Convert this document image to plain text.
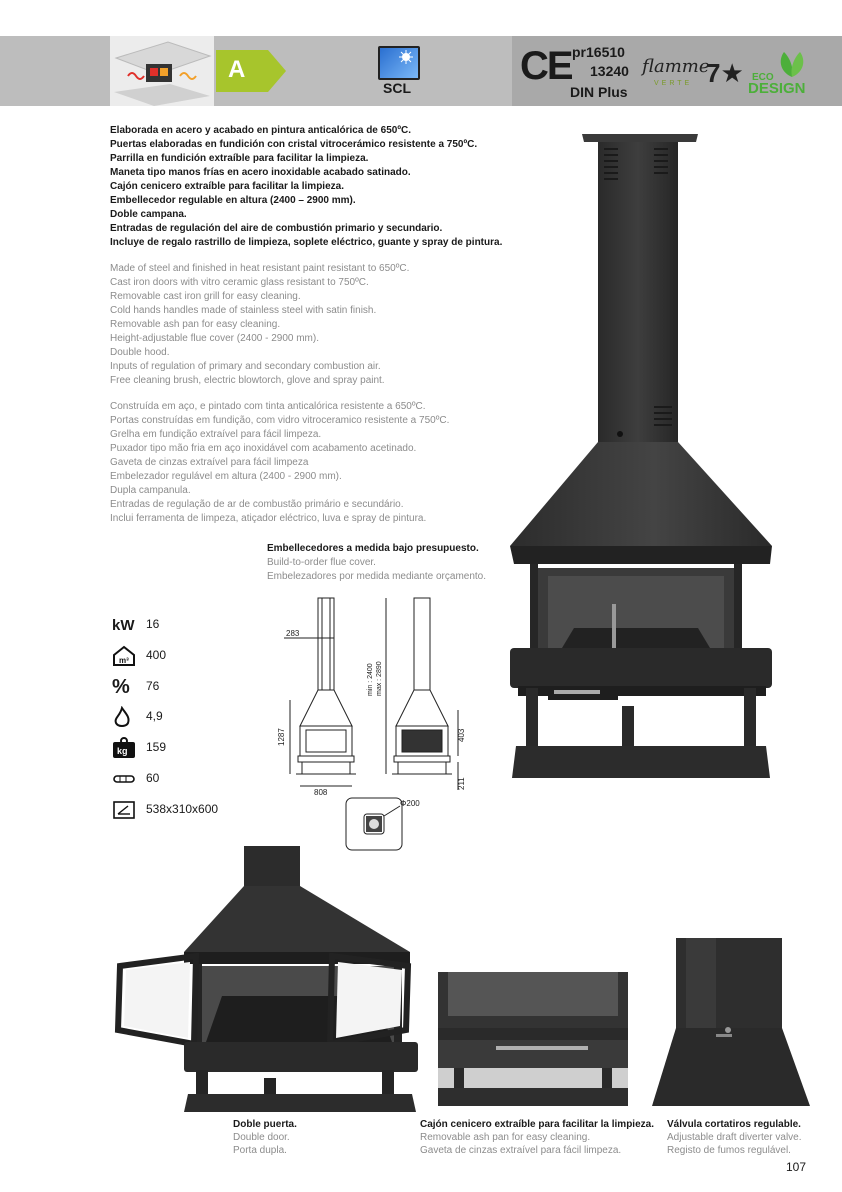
A
SCL	CE pr16510
13240
DIN Plus
flamme
VERTE 7★ ECO
DESIGN
Elaborada en acero y acabado en pintura anticalórica de 650ºC.
Puertas elaboradas en fundición con cristal vitrocerámico resistente a 750ºC.
Parrilla en fundición extraíble para facilitar la limpieza.
Maneta tipo manos frías en acero inoxidable acabado satinado.
Cajón cenicero extraíble para facilitar la limpieza.
Embellecedor regulable en altura (2400 – 2900 mm).
Doble campana.
Entradas de regulación del aire de combustión primario y secundario.
Incluye de regalo rastrillo de limpieza, soplete eléctrico, guante y spray de pintura.
Made of steel and finished in heat resistant paint resistant to 650ºC.
Cast iron doors with vitro ceramic glass resistant to 750ºC.
Removable cast iron grill for easy cleaning.
Cold hands handles made of stainless steel with satin finish.
Removable ash pan for easy cleaning.
Height-adjustable flue cover (2400 - 2900 mm).
Double hood.
Inputs of regulation of primary and secondary combustion air.
Free cleaning brush, electric blowtorch, glove and spray paint.
Construída em aço, e pintado com tinta anticalórica resistente a 650ºC.
Portas construídas em fundição, com vidro vitroceramico resistente a 750ºC.
Grelha em fundição extraível para fácil limpeza.
Puxador tipo mão fria em aço inoxidável com acabamento acetinado.
Gaveta de cinzas extraível para fácil limpeza
Embelezador regulável em altura (2400 - 2900 mm).
Dupla campanula.
Entradas de regulação de ar de combustão primário e secundário.
Inclui ferramenta de limpeza, atiçador eléctrico, luva e spray de pintura.
Embellecedores a medida bajo presupuesto.
Build-to-order flue cover.
Embelezadores por medida mediante orçamento.
283
1287
808
min : 2400 max : 2890
403
211
Φ200
kW 16
m³ 400
%	76
4,9
kg 159
60
538x310x600
Doble puerta.
Double door.
Porta dupla.
Cajón cenicero extraíble para facilitar la limpieza.
Removable ash pan for easy cleaning.
Gaveta de cinzas extraível para fácil limpeza.
Válvula cortatiros regulable.
Adjustable draft diverter valve.
Registo de fumos regulável.
107
